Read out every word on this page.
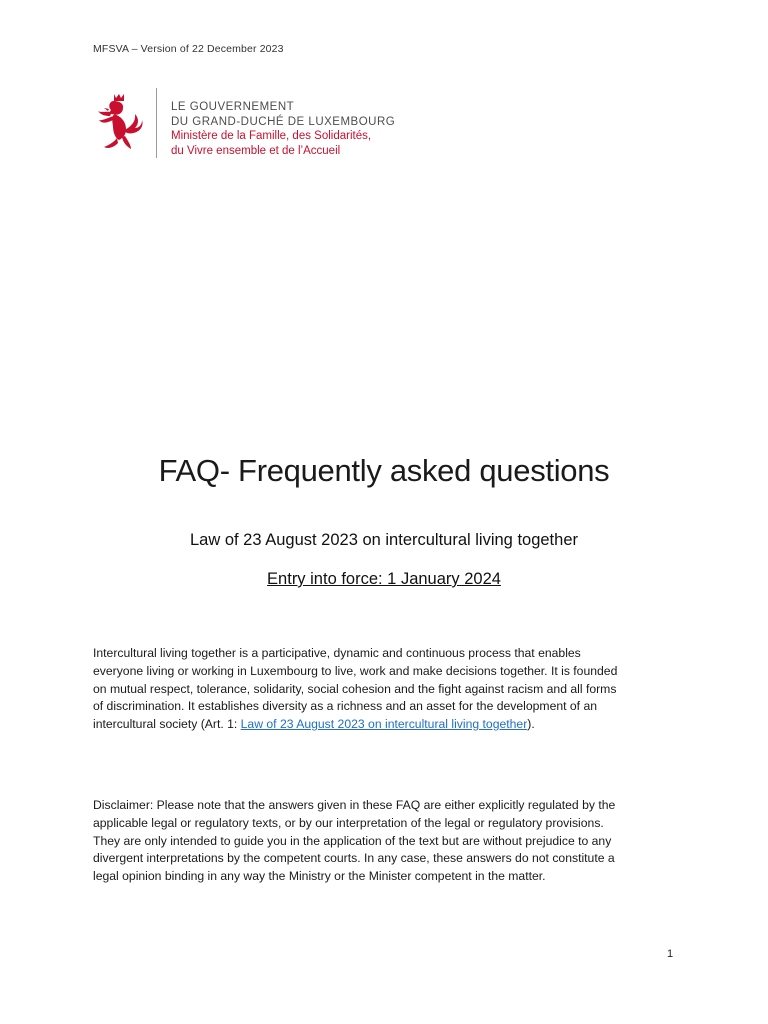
MFSVA – Version of 22 December 2023
LE GOUVERNEMENT
DU GRAND-DUCHÉ DE LUXEMBOURG
Ministère de la Famille, des Solidarités,
du Vivre ensemble et de l’Accueil
FAQ- Frequently asked questions
Law of 23 August 2023 on intercultural living together
Entry into force: 1 January 2024
Intercultural living together is a participative, dynamic and continuous process that enables
everyone living or working in Luxembourg to live, work and make decisions together. It is founded
on mutual respect, tolerance, solidarity, social cohesion and the fight against racism and all forms
of discrimination. It establishes diversity as a richness and an asset for the development of an
intercultural society (Art. 1: Law of 23 August 2023 on intercultural living together).
Disclaimer: Please note that the answers given in these FAQ are either explicitly regulated by the
applicable legal or regulatory texts, or by our interpretation of the legal or regulatory provisions.
They are only intended to guide you in the application of the text but are without prejudice to any
divergent interpretations by the competent courts. In any case, these answers do not constitute a
legal opinion binding in any way the Ministry or the Minister competent in the matter.
1
